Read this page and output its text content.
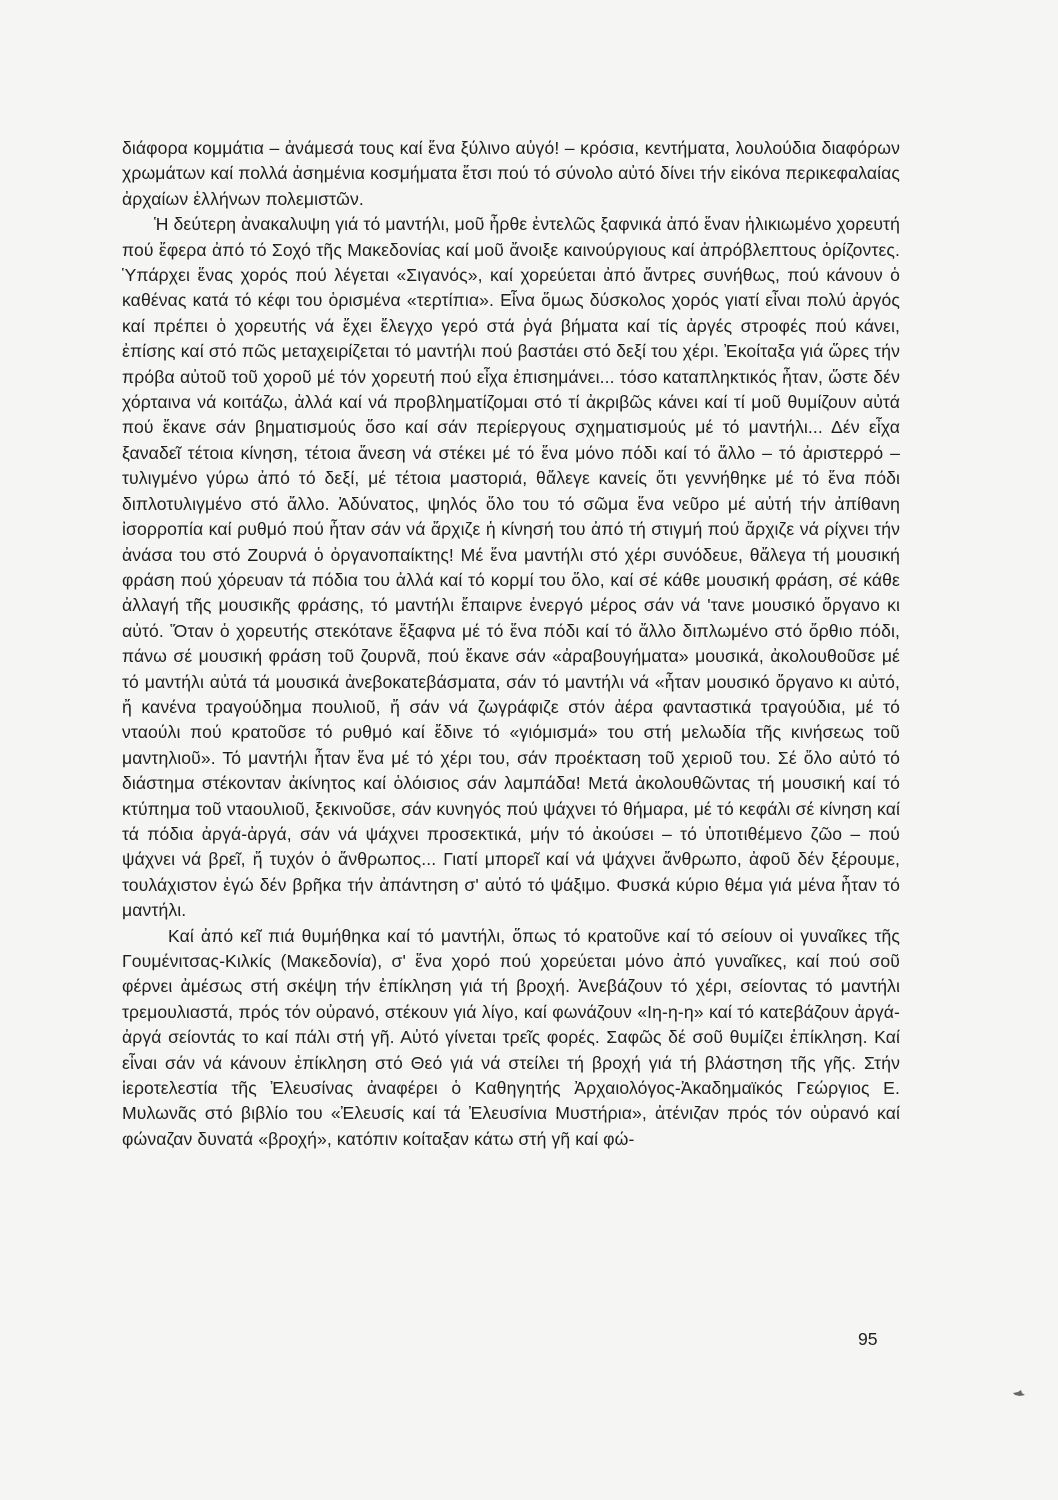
διάφορα κομμάτια – ἀνάμεσά τους καί ἕνα ξύλινο αὐγό! – κρόσια, κεντήματα, λουλούδια διαφόρων χρωμάτων καί πολλά ἀσημένια κοσμήματα ἔτσι πού τό σύνολο αὐτό δίνει τήν εἰκόνα περικεφαλαίας ἀρχαίων ἑλλήνων πολεμιστῶν.

Ἡ δεύτερη ἀνακαλυψη γιά τό μαντήλι, μοῦ ἦρθε ἐντελῶς ξαφνικά ἀπό ἕναν ἡλικιωμένο χορευτή πού ἔφερα ἀπό τό Σοχό τῆς Μακεδονίας καί μοῦ ἄνοιξε καινούργιους καί ἀπρόβλεπτους ὁρίζοντες. Ὑπάρχει ἕνας χορός πού λέγεται «Σιγανός», καί χορεύεται ἀπό ἄντρες συνήθως, πού κάνουν ὁ καθένας κατά τό κέφι του ὁρισμένα «τερτίπια». Εἶνα ὅμως δύσκολος χορός γιατί εἶναι πολύ ἀργός καί πρέπει ὁ χορευτής νά ἔχει ἔλεγχο γερό στά ῥγά βήματα καί τίς ἀργές στροφές πού κάνει, ἐπίσης καί στό πῶς μεταχειρίζεται τό μαντήλι πού βαστάει στό δεξί του χέρι. Ἐκοίταξα γιά ὥρες τήν πρόβα αὐτοῦ τοῦ χοροῦ μέ τόν χορευτή πού εἶχα ἐπισημάνει... τόσο καταπληκτικός ἦταν, ὥστε δέν χόρταινα νά κοιτάζω, ἀλλά καί νά προβληματίζομαι στό τί ἀκριβῶς κάνει καί τί μοῦ θυμίζουν αὐτά πού ἔκανε σάν βηματισμούς ὅσο καί σάν περίεργους σχηματισμούς μέ τό μαντήλι... Δέν εἶχα ξαναδεῖ τέτοια κίνηση, τέτοια ἄνεση νά στέκει μέ τό ἕνα μόνο πόδι καί τό ἄλλο – τό ἀριστερρό – τυλιγμένο γύρω ἀπό τό δεξί, μέ τέτοια μαστοριά, θἄλεγε κανείς ὅτι γεννήθηκε μέ τό ἕνα πόδι διπλοτυλιγμένο στό ἄλλο. Ἀδύνατος, ψηλός ὅλο του τό σῶμα ἕνα νεῦρο μέ αὐτή τήν ἀπίθανη ἰσορροπία καί ρυθμό πού ἦταν σάν νά ἄρχιζε ἡ κίνησή του ἀπό τή στιγμή πού ἄρχιζε νά ρίχνει τήν ἀνάσα του στό Ζουρνά ὁ ὀργανοπαίκτης! Μέ ἕνα μαντήλι στό χέρι συνόδευε, θἄλεγα τή μουσική φράση πού χόρευαν τά πόδια του ἀλλά καί τό κορμί του ὅλο, καί σέ κάθε μουσική φράση, σέ κάθε ἀλλαγή τῆς μουσικῆς φράσης, τό μαντήλι ἔπαιρνε ἐνεργό μέρος σάν νά 'τανε μουσικό ὄργανο κι αὐτό. Ὅταν ὁ χορευτής στεκότανε ἔξαφνα μέ τό ἕνα πόδι καί τό ἄλλο διπλωμένο στό ὄρθιο πόδι, πάνω σέ μουσική φράση τοῦ ζουρνᾶ, πού ἔκανε σάν «ἀραβουγήματα» μουσικά, ἀκολουθοῦσε μέ τό μαντήλι αὐτά τά μουσικά ἀνεβοκατεβάσματα, σάν τό μαντήλι νά «ἦταν μουσικό ὄργανο κι αὐτό, ἤ κανένα τραγούδημα πουλιοῦ, ἤ σάν νά ζωγράφιζε στόν ἀέρα φανταστικά τραγούδια, μέ τό νταούλι πού κρατοῦσε τό ρυθμό καί ἔδινε τό «γιόμισμά» του στή μελωδία τῆς κινήσεως τοῦ μαντηλιοῦ». Τό μαντήλι ἦταν ἕνα μέ τό χέρι του, σάν προέκταση τοῦ χεριοῦ του. Σέ ὅλο αὐτό τό διάστημα στέκονταν ἀκίνητος καί ὁλόισιος σάν λαμπάδα! Μετά ἀκολουθῶντας τή μουσική καί τό κτύπημα τοῦ νταουλιοῦ, ξεκινοῦσε, σάν κυνηγός πού ψάχνει τό θήμαρα, μέ τό κεφάλι σέ κίνηση καί τά πόδια ἀργά-ἀργά, σάν νά ψάχνει προσεκτικά, μήν τό ἀκούσει – τό ὑποτιθέμενο ζῶο – πού ψάχνει νά βρεῖ, ἤ τυχόν ὁ ἄνθρωπος... Γιατί μπορεῖ καί νά ψάχνει ἄνθρωπο, ἀφοῦ δέν ξέρουμε, τουλάχιστον ἐγώ δέν βρῆκα τήν ἀπάντηση σ' αὐτό τό ψάξιμο. Φυσκά κύριο θέμα γιά μένα ἦταν τό μαντήλι.

Καί ἀπό κεῖ πιά θυμήθηκα καί τό μαντήλι, ὅπως τό κρατοῦνε καί τό σείουν οἱ γυναῖκες τῆς Γουμένιτσας-Κιλκίς (Μακεδονία), σ' ἕνα χορό πού χορεύεται μόνο ἀπό γυναῖκες, καί πού σοῦ φέρνει ἀμέσως στή σκέψη τήν ἐπίκληση γιά τή βροχή. Ἀνεβάζουν τό χέρι, σείοντας τό μαντήλι τρεμουλιαστά, πρός τόν οὐρανό, στέκουν γιά λίγο, καί φωνάζουν «Ιη-η-η» καί τό κατεβάζουν ἀργά-ἀργά σείοντάς το καί πάλι στή γῆ. Αὐτό γίνεται τρεῖς φορές. Σαφῶς δέ σοῦ θυμίζει ἐπίκληση. Καί εἶναι σάν νά κάνουν ἐπίκληση στό Θεό γιά νά στείλει τή βροχή γιά τή βλάστηση τῆς γῆς. Στήν ἱεροτελεστία τῆς Ἐλευσίνας ἀναφέρει ὁ Καθηγητής Ἀρχαιολόγος-Ἀκαδημαϊκός Γεώργιος Ε. Μυλωνᾶς στό βιβλίο του «Ἐλευσίς καί τά Ἐλευσίνια Μυστήρια», ἀτένιζαν πρός τόν οὐρανό καί φώναζαν δυνατά «βροχή», κατόπιν κοίταξαν κάτω στή γῆ καί φώ-

95
